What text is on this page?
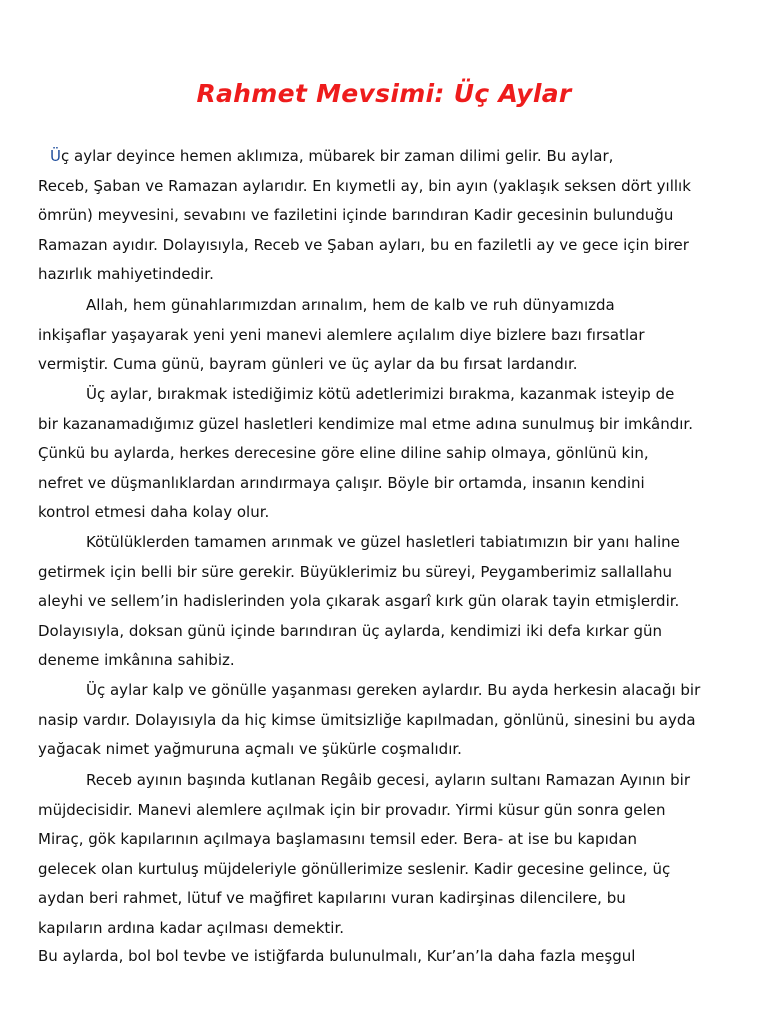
Rahmet Mevsimi: Üç Aylar

Üç aylar deyince hemen aklımıza, mübarek bir zaman dilimi gelir. Bu aylar,
Receb, Şaban ve Ramazan aylarıdır. En kıymetli ay, bin ayın (yaklaşık seksen dört yıllık
ömrün) meyvesini, sevabını ve faziletini içinde barındıran Kadir gecesinin bulunduğu
Ramazan ayıdır. Dolayısıyla, Receb ve Şaban ayları, bu en faziletli ay ve gece için birer
hazırlık mahiyetindedir.

Allah, hem günahlarımızdan arınalım, hem de kalb ve ruh dünyamızda
inkişaflar yaşayarak yeni yeni manevi alemlere açılalım diye bizlere bazı fırsatlar
vermiştir. Cuma günü, bayram günleri ve üç aylar da bu fırsat lardandır.

Üç aylar, bırakmak istediğimiz kötü adetlerimizi bırakma, kazanmak isteyip de
bir kazanamadığımız güzel hasletleri kendimize mal etme adına sunulmuş bir imkândır.
Çünkü bu aylarda, herkes derecesine göre eline diline sahip olmaya, gönlünü kin,
nefret ve düşmanlıklardan arındırmaya çalışır. Böyle bir ortamda, insanın kendini
kontrol etmesi daha kolay olur.

Kötülüklerden tamamen arınmak ve güzel hasletleri tabiatımızın bir yanı haline
getirmek için belli bir süre gerekir. Büyüklerimiz bu süreyi, Peygamberimiz sallallahu
aleyhi ve sellem’in hadislerinden yola çıkarak asgarî kırk gün olarak tayin etmişlerdir.
Dolayısıyla, doksan günü içinde barındıran üç aylarda, kendimizi iki defa kırkar gün
deneme imkânına sahibiz.

Üç aylar kalp ve gönülle yaşanması gereken aylardır. Bu ayda herkesin alacağı bir
nasip vardır. Dolayısıyla da hiç kimse ümitsizliğe kapılmadan, gönlünü, sinesini bu ayda
yağacak nimet yağmuruna açmalı ve şükürle coşmalıdır.

Receb ayının başında kutlanan Regâib gecesi, ayların sultanı Ramazan Ayının bir
müjdecisidir. Manevi alemlere açılmak için bir provadır. Yirmi küsur gün sonra gelen
Miraç, gök kapılarının açılmaya başlamasını temsil eder. Bera- at ise bu kapıdan
gelecek olan kurtuluş müjdeleriyle gönüllerimize seslenir. Kadir gecesine gelince, üç
aydan beri rahmet, lütuf ve mağfiret kapılarını vuran kadirşinas dilencilere, bu
kapıların ardına kadar açılması demektir.

Bu aylarda, bol bol tevbe ve istiğfarda bulunulmalı, Kur’an’la daha fazla meşgul
